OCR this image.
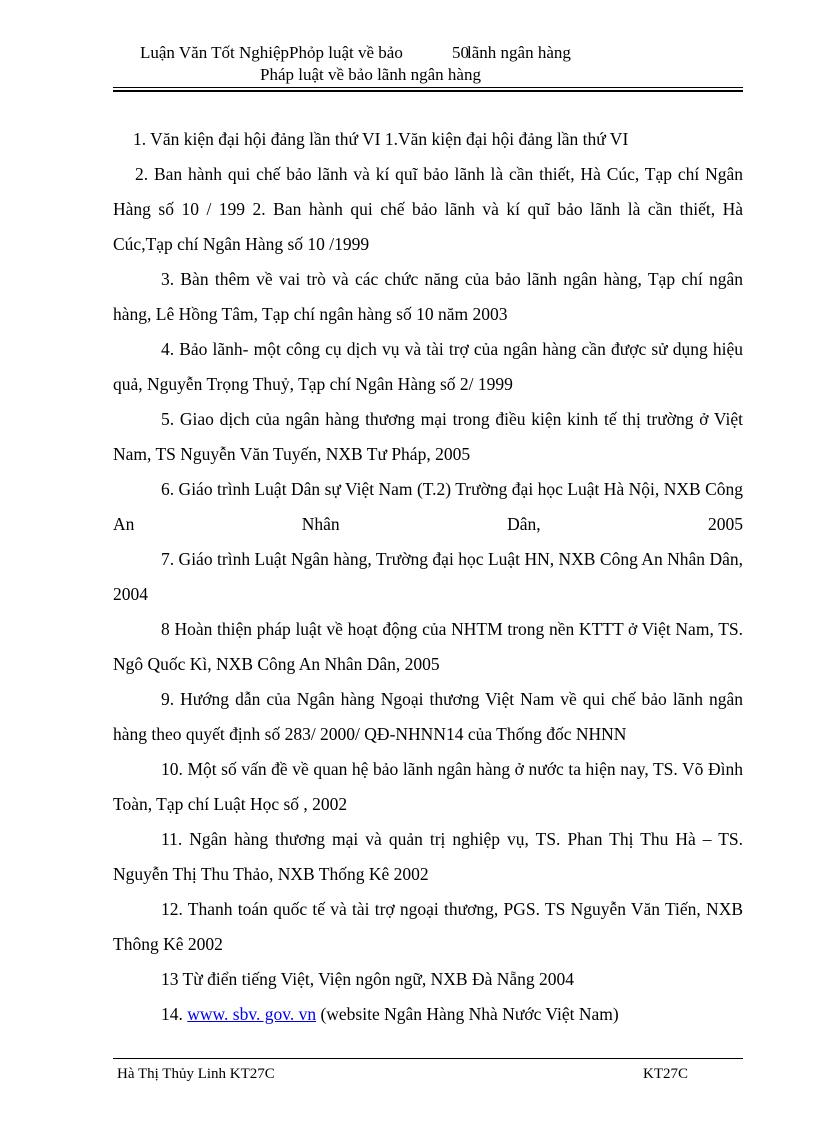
Luận Văn Tốt NghiệpPhỏp luật về bảo	50
lãnh ngân hàng
Pháp luật về bảo lãnh ngân hàng

1. Văn kiện đại hội đảng lần thứ VI 1.Văn kiện đại hội đảng lần thứ VI

2. Ban hành qui chế bảo lãnh và kí quĩ bảo lãnh là cần thiết, Hà Cúc, Tạp chí Ngân Hàng số 10 / 199 2. Ban hành qui chế bảo lãnh và kí quĩ bảo lãnh là cần thiết, Hà Cúc,Tạp chí Ngân Hàng số 10 /1999

3. Bàn thêm về vai trò và các chức năng của bảo lãnh ngân hàng, Tạp chí ngân hàng, Lê Hồng Tâm, Tạp chí ngân hàng số 10 năm 2003

4. Bảo lãnh- một công cụ dịch vụ và tài trợ của ngân hàng cần được sử dụng hiệu quả, Nguyễn Trọng Thuỷ, Tạp chí Ngân Hàng số 2/ 1999

5. Giao dịch của ngân hàng thương mại trong điều kiện kinh tế thị trường ở Việt Nam, TS Nguyễn Văn Tuyến, NXB Tư Pháp, 2005

6. Giáo trình Luật Dân sự Việt Nam (T.2) Trường đại học Luật Hà Nội, NXB Công An Nhân Dân, 2005

7. Giáo trình Luật Ngân hàng, Trường đại học Luật HN, NXB Công An Nhân Dân, 2004

8 Hoàn thiện pháp luật về hoạt động của NHTM trong nền KTTT ở Việt Nam, TS. Ngô Quốc Kì, NXB Công An Nhân Dân, 2005

9. Hướng dẫn của Ngân hàng Ngoại thương Việt Nam về qui chế bảo lãnh ngân hàng theo quyết định số 283/ 2000/ QĐ-NHNN14 của Thống đốc NHNN

10. Một số vấn đề về quan hệ bảo lãnh ngân hàng ở nước ta hiện nay, TS. Võ Đình Toàn, Tạp chí Luật Học số , 2002

11. Ngân hàng thương mại và quản trị nghiệp vụ, TS. Phan Thị Thu Hà – TS. Nguyễn Thị Thu Thảo, NXB Thống Kê 2002

12. Thanh toán quốc tế và tài trợ ngoại thương, PGS. TS Nguyễn Văn Tiến, NXB Thông Kê 2002

13 Từ điển tiếng Việt, Viện ngôn ngữ, NXB Đà Nẵng 2004

14. www. sbv. gov. vn (website Ngân Hàng Nhà Nước Việt Nam)

Hà Thị Thủy Linh KT27C	KT27C
